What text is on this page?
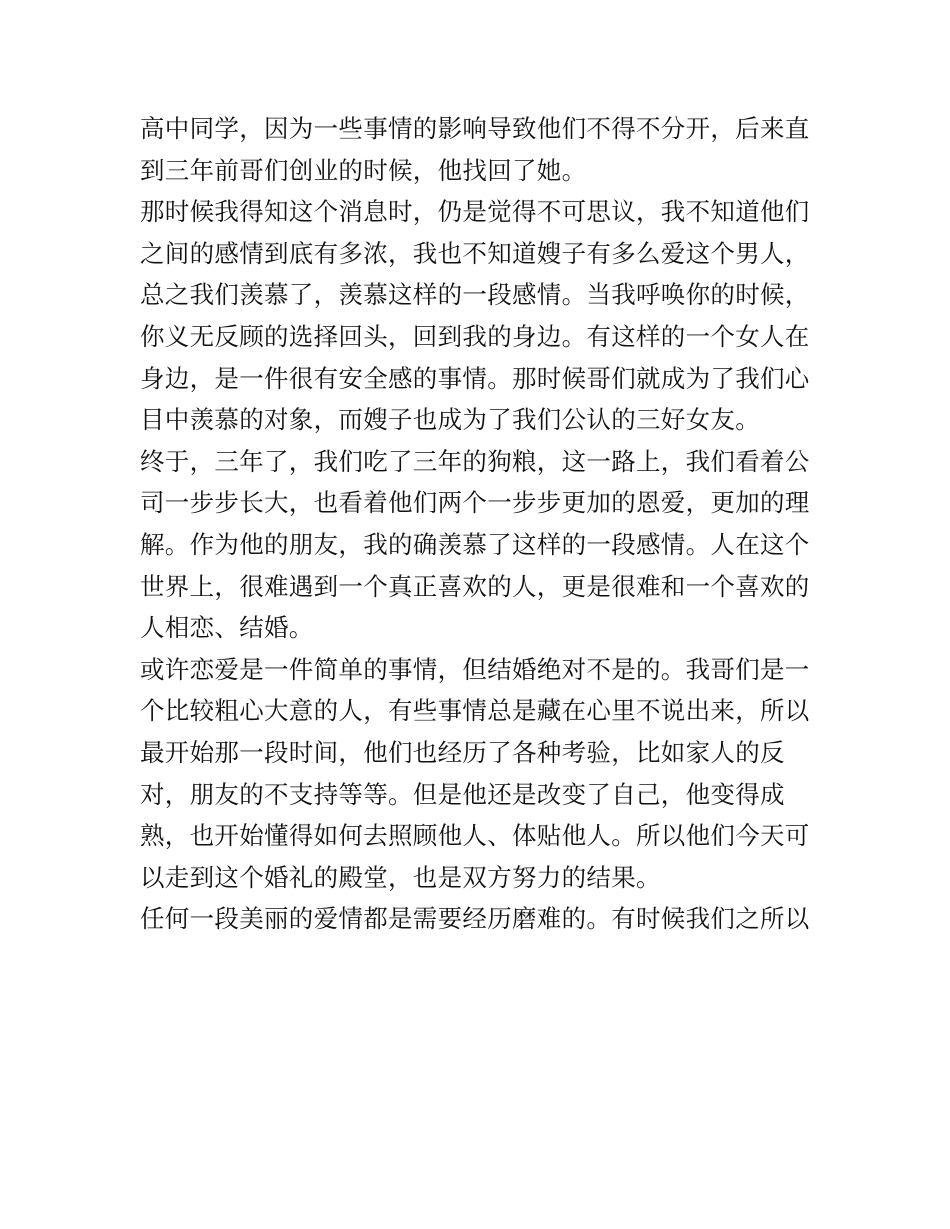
高中同学，因为一些事情的影响导致他们不得不分开，后来直
到三年前哥们创业的时候，他找回了她。
那时候我得知这个消息时，仍是觉得不可思议，我不知道他们
之间的感情到底有多浓，我也不知道嫂子有多么爱这个男人，
总之我们羡慕了，羡慕这样的一段感情。当我呼唤你的时候，
你义无反顾的选择回头，回到我的身边。有这样的一个女人在
身边，是一件很有安全感的事情。那时候哥们就成为了我们心
目中羡慕的对象，而嫂子也成为了我们公认的三好女友。
终于，三年了，我们吃了三年的狗粮，这一路上，我们看着公
司一步步长大，也看着他们两个一步步更加的恩爱，更加的理
解。作为他的朋友，我的确羡慕了这样的一段感情。人在这个
世界上，很难遇到一个真正喜欢的人，更是很难和一个喜欢的
人相恋、结婚。
或许恋爱是一件简单的事情，但结婚绝对不是的。我哥们是一
个比较粗心大意的人，有些事情总是藏在心里不说出来，所以
最开始那一段时间，他们也经历了各种考验，比如家人的反
对，朋友的不支持等等。但是他还是改变了自己，他变得成
熟，也开始懂得如何去照顾他人、体贴他人。所以他们今天可
以走到这个婚礼的殿堂，也是双方努力的结果。
任何一段美丽的爱情都是需要经历磨难的。有时候我们之所以
